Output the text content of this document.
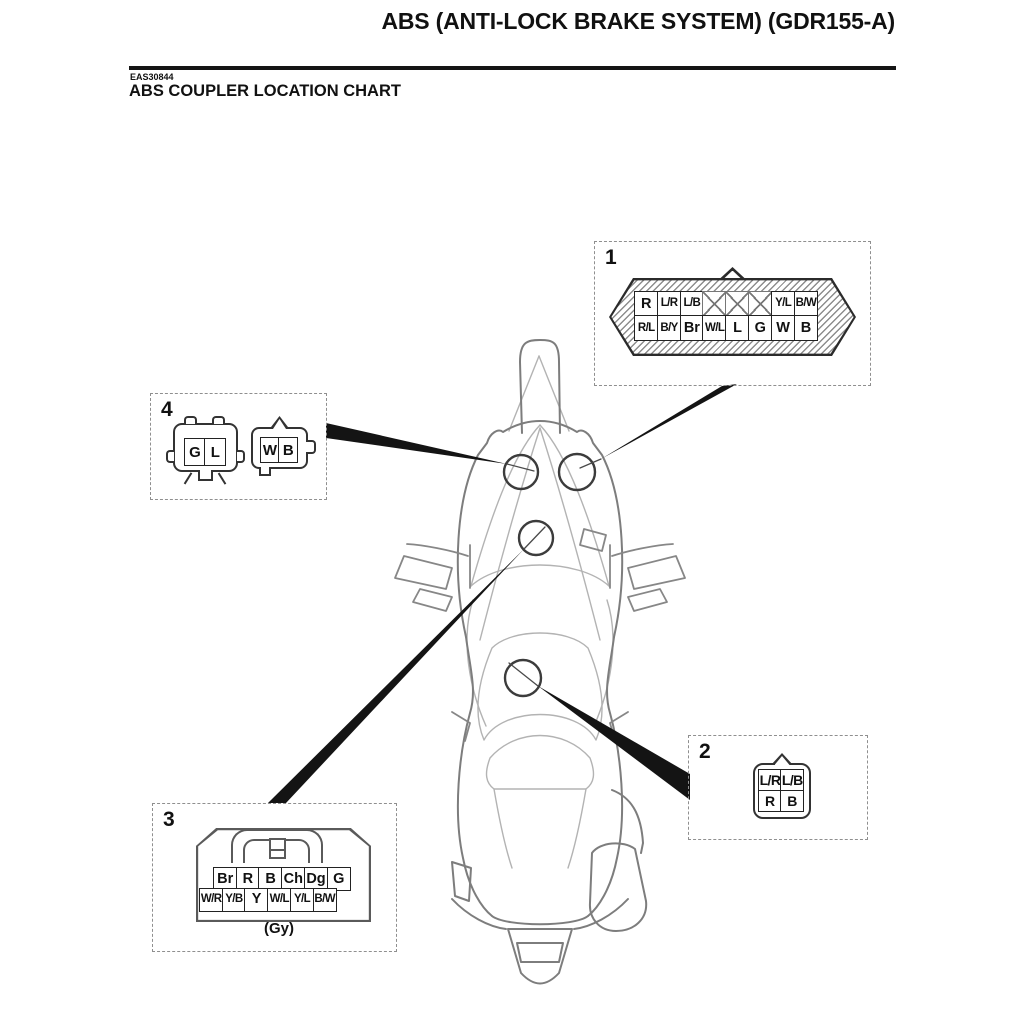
ABS (ANTI-LOCK BRAKE SYSTEM) (GDR155-A)
EAS30844
ABS COUPLER LOCATION CHART
1
R L/R L/B	Y/L B/W
R/L B/Y Br W/L L G W B
2
L/R L/B
R B
3
Br R B Ch Dg G
W/R Y/B Y W/L Y/L B/W
(Gy)
4
G L	W B
